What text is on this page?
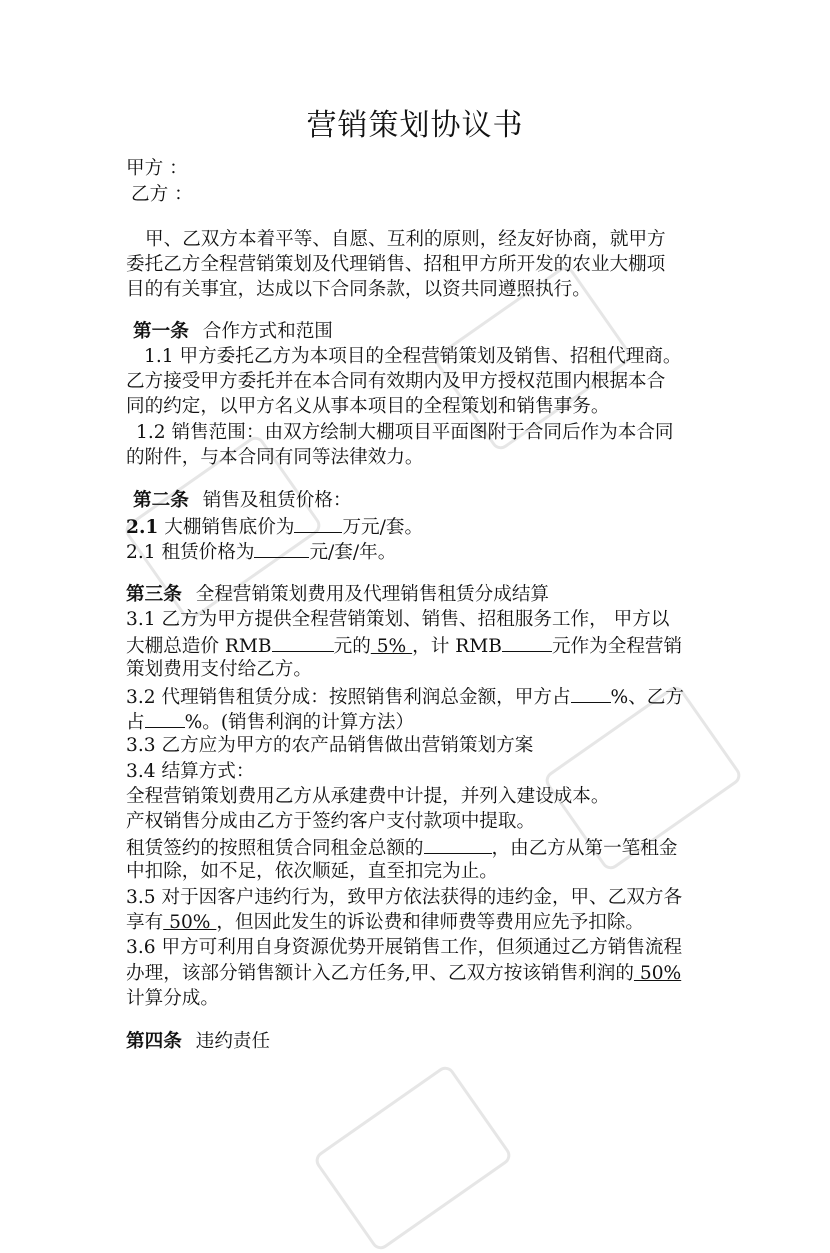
营销策划协议书
甲方 ：
乙方 ：
甲、乙双方本着平等、自愿、互利的原则，经友好协商，就甲方
委托乙方全程营销策划及代理销售、招租甲方所开发的农业大棚项
目的有关事宜，达成以下合同条款，以资共同遵照执行。
第一条 合作方式和范围
1.1 甲方委托乙方为本项目的全程营销策划及销售、招租代理商。
乙方接受甲方委托并在本合同有效期内及甲方授权范围内根据本合
同的约定，以甲方名义从事本项目的全程策划和销售事务。
1.2 销售范围：由双方绘制大棚项目平面图附于合同后作为本合同
的附件，与本合同有同等法律效力。
第二条 销售及租赁价格：
2.1 大棚销售底价为	万元/套。
2.1 租赁价格为	元/套/年。
第三条 全程营销策划费用及代理销售租赁分成结算
3.1 乙方为甲方提供全程营销策划、销售、招租服务工作， 甲方以
大棚总造价 RMB	元的 5% ，计 RMB	元作为全程营销
策划费用支付给乙方。
3.2 代理销售租赁分成：按照销售利润总金额，甲方占 %、乙方
占 %。(销售利润的计算方法）
3.3 乙方应为甲方的农产品销售做出营销策划方案
3.4 结算方式：
全程营销策划费用乙方从承建费中计提，并列入建设成本。
产权销售分成由乙方于签约客户支付款项中提取。
租赁签约的按照租赁合同租金总额的	，由乙方从第一笔租金
中扣除，如不足，依次顺延，直至扣完为止。
3.5 对于因客户违约行为，致甲方依法获得的违约金，甲、乙双方各
享有 50% ，但因此发生的诉讼费和律师费等费用应先予扣除。
3.6 甲方可利用自身资源优势开展销售工作，但须通过乙方销售流程
办理，该部分销售额计入乙方任务,甲、乙双方按该销售利润的 50%
计算分成。
第四条 违约责任
